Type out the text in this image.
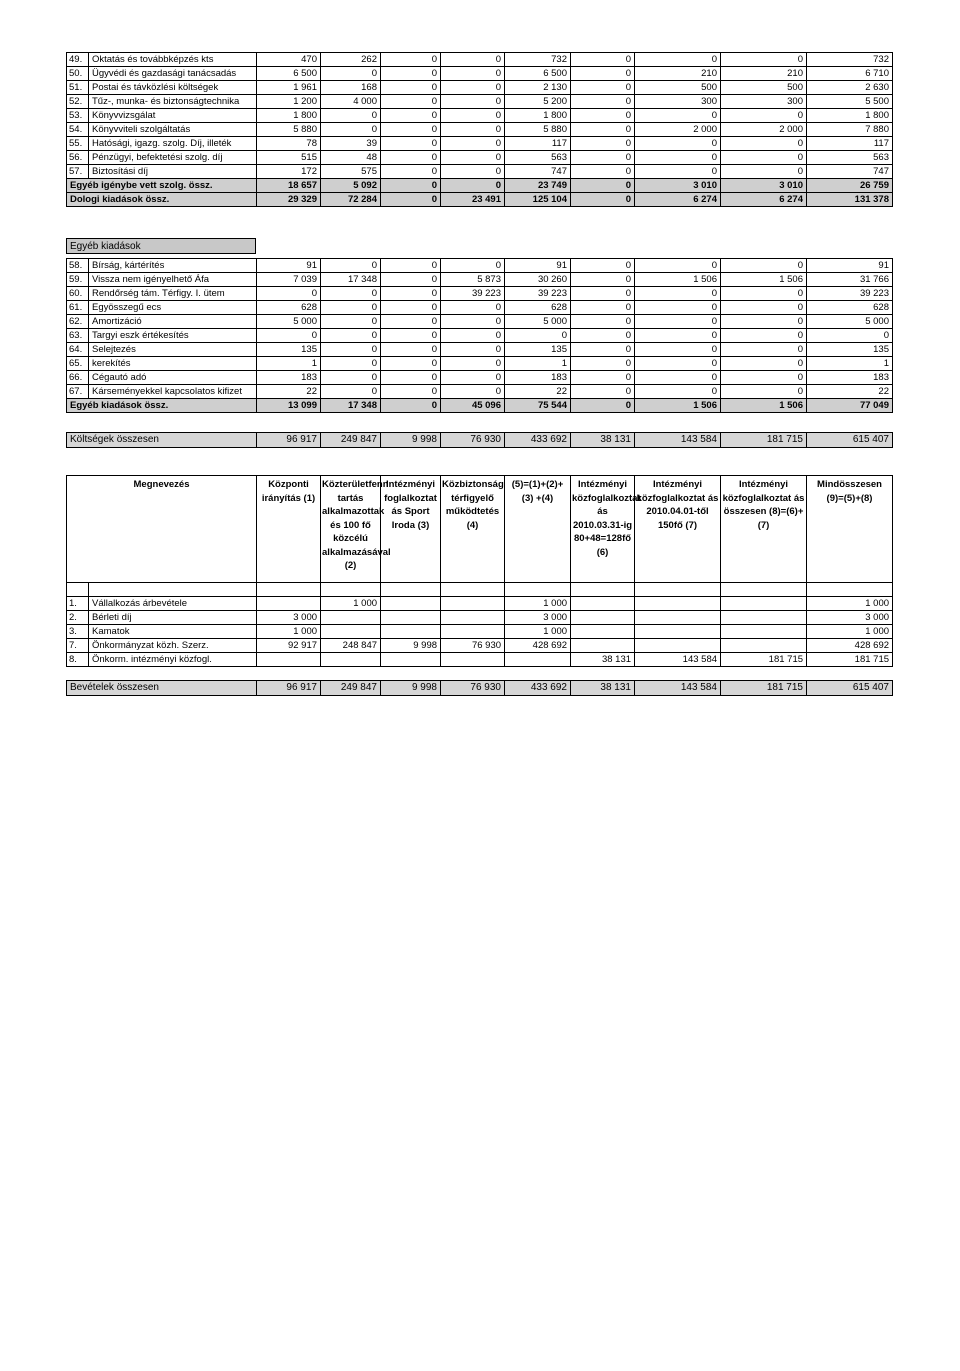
49.	Oktatás és továbbképzés kts	470	262	0	0	732	0	0	0	732
50.	Ügyvédi és gazdasági tanácsadás	6 500	0	0	0	6 500	0	210	210	6 710
51.	Postai és távközlési költségek	1 961	168	0	0	2 130	0	500	500	2 630
52.	Tűz-, munka- és biztonságtechnika	1 200	4 000	0	0	5 200	0	300	300	5 500
53.	Könyvvizsgálat	1 800	0	0	0	1 800	0	0	0	1 800
54.	Könyvviteli szolgáltatás	5 880	0	0	0	5 880	0	2 000	2 000	7 880
55.	Hatósági, igazg. szolg. Díj, illeték	78	39	0	0	117	0	0	0	117
56.	Pénzügyi, befektetési szolg. díj	515	48	0	0	563	0	0	0	563
57.	Biztosítási díj	172	575	0	0	747	0	0	0	747
Egyéb igénybe vett szolg. össz.		18 657	5 092	0	0	23 749	0	3 010	3 010	26 759
Dologi kiadások össz.		29 329	72 284	0	23 491	125 104	0	6 274	6 274	131 378
Egyéb kiadások
58.	Bírság, kártérítés	91	0	0	0	91	0	0	0	91
59.	Vissza nem igényelhető Áfa	7 039	17 348	0	5 873	30 260	0	1 506	1 506	31 766
60.	Rendőrség tám. Térfigy. I. ütem	0	0	0	39 223	39 223	0	0	0	39 223
61.	Egyösszegű ecs	628	0	0	0	628	0	0	0	628
62.	Amortizáció	5 000	0	0	0	5 000	0	0	0	5 000
63.	Targyi eszk értékesítés	0	0	0	0	0	0	0	0	0
64.	Selejtezés	135	0	0	0	135	0	0	0	135
65.	kerekítés	1	0	0	0	1	0	0	0	1
66.	Cégautó adó	183	0	0	0	183	0	0	0	183
67.	Kárseményekkel kapcsolatos kifizet	22	0	0	0	22	0	0	0	22
Egyéb kiadások össz.		13 099	17 348	0	45 096	75 544	0	1 506	1 506	77 049
Költségek összesen	96 917	249 847	9 998	76 930	433 692	38 131	143 584	181 715	615 407
Megnevezés		Központi irányítás (1)	Közterületfenn tartás alkalmazottak és 100 fő közcélú alkalmazásával (2)	Intézményi foglalkoztat ás Sport Iroda (3)	Közbiztonság térfigyelő működtetés (4)	(5)=(1)+(2)+(3) +(4)	Intézményi közfoglalkoztat ás 2010.03.31-ig 80+48=128fő (6)	Intézményi közfoglalkoztat ás 2010.04.01-től 150fő (7)	Intézményi közfoglalkoztat ás összesen (8)=(6)+(7)	Mindösszesen (9)=(5)+(8)

1.	Vállalkozás árbevétele		1 000			1 000				1 000
2.	Bérleti díj	3 000				3 000				3 000
3.	Kamatok	1 000				1 000				1 000
7.	Önkormányzat közh. Szerz.	92 917	248 847	9 998	76 930	428 692				428 692
8.	Önkorm. intézményi közfogl.						38 131	143 584	181 715	181 715
Bevételek összesen	96 917	249 847	9 998	76 930	433 692	38 131	143 584	181 715	615 407
